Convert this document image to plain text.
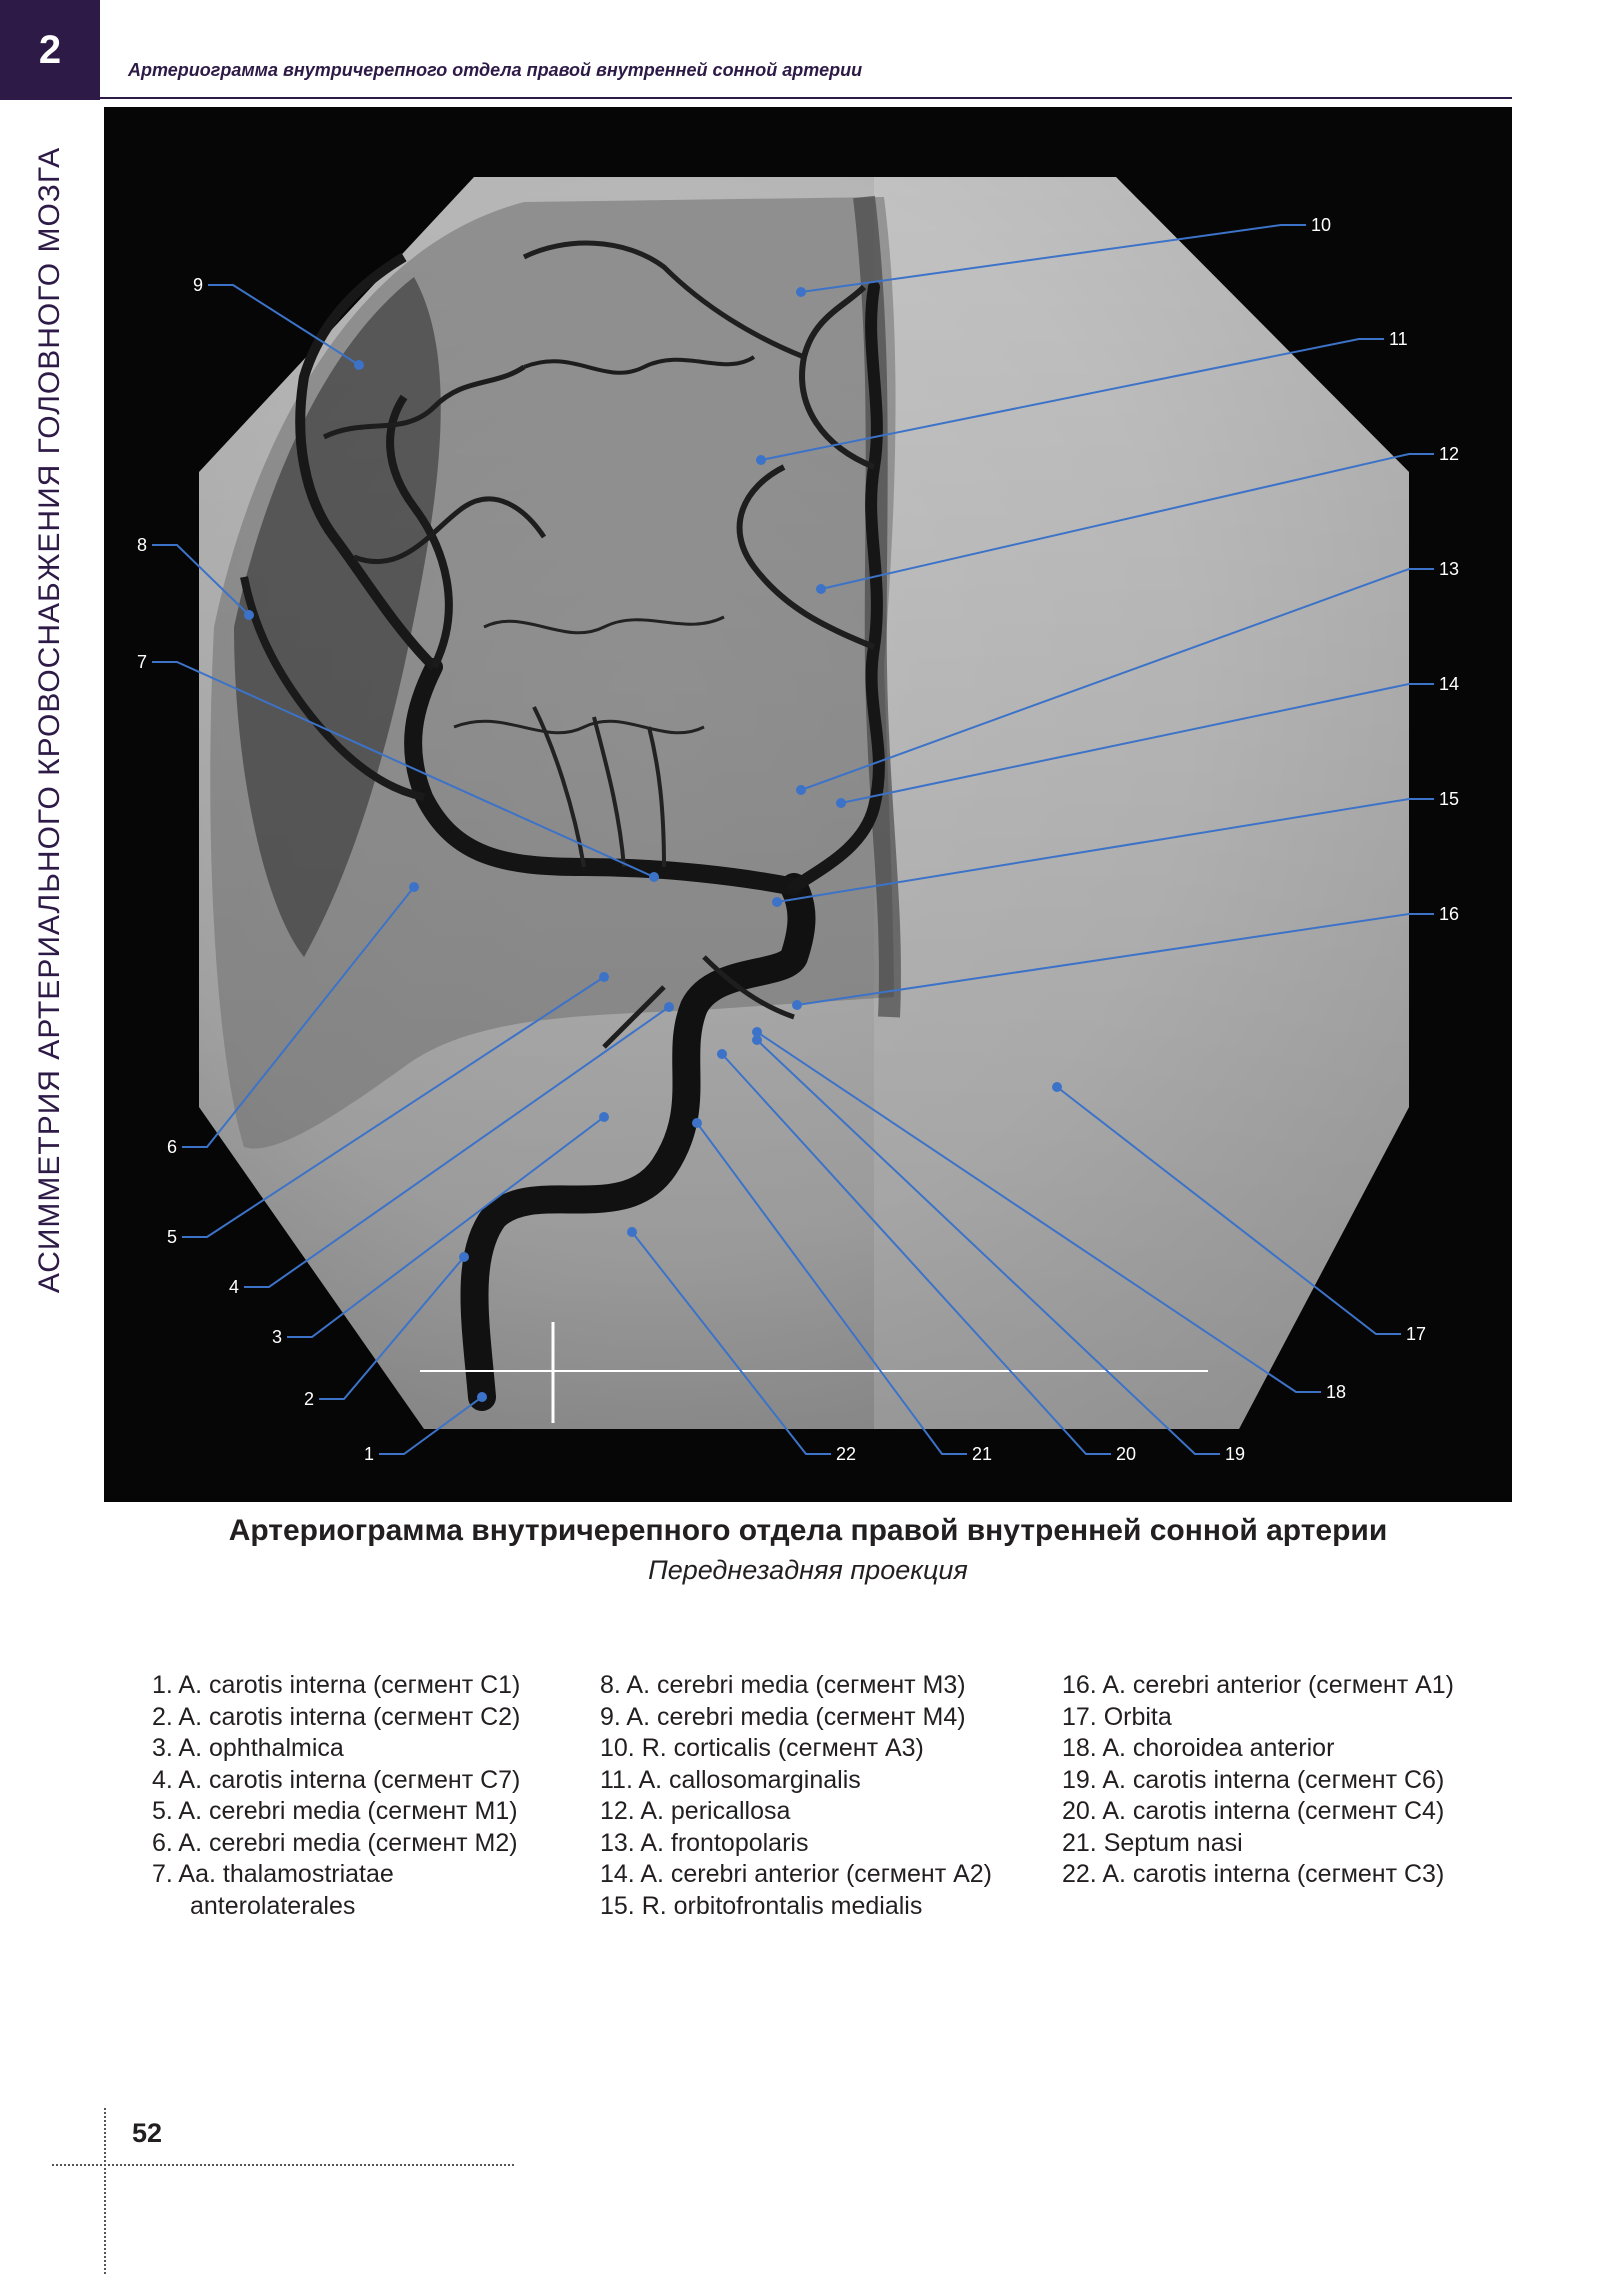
2
АСИММЕТРИЯ АРТЕРИАЛЬНОГО КРОВОСНАБЖЕНИЯ ГОЛОВНОГО МОЗГА
Артериограмма внутричерепного отдела правой внутренней сонной артерии
1
2
3
4
5
6
7
8
9
10
11
12
13
14
15
16
17
18
19
20
21
22
Артериограмма внутричерепного отдела правой внутренней сонной артерии
Переднезадняя проекция
1. A. carotis interna (сегмент C1)
2. A. carotis interna (сегмент C2)
3. A. ophthalmica
4. A. carotis interna (сегмент C7)
5. A. cerebri media (сегмент M1)
6. A. cerebri media (сегмент M2)
7. Aa. thalamostriatae
anterolaterales
8. A. cerebri media (сегмент M3)
9. A. cerebri media (сегмент M4)
10. R. corticalis (сегмент A3)
11. A. callosomarginalis
12. A. pericallosa
13. A. frontopolaris
14. A. cerebri anterior (сегмент A2)
15. R. orbitofrontalis medialis
16. A. cerebri anterior (сегмент A1)
17. Orbita
18. A. choroidea anterior
19. A. carotis interna (сегмент C6)
20. A. carotis interna (сегмент C4)
21. Septum nasi
22. A. carotis interna (сегмент C3)
52
